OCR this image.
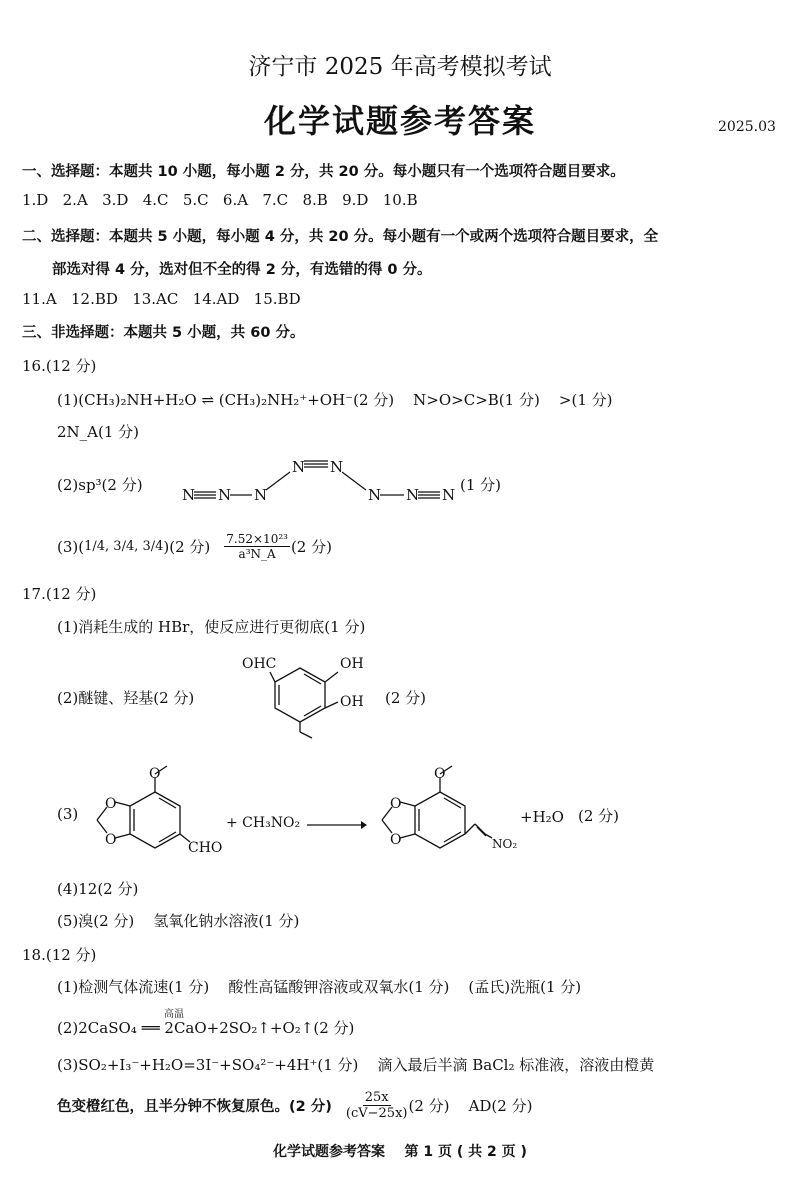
济宁市 2025 年高考模拟考试
化学试题参考答案	2025.03
一、选择题：本题共 10 小题，每小题 2 分，共 20 分。每小题只有一个选项符合题目要求。
1.D   2.A   3.D   4.C   5.C   6.A   7.C   8.B   9.D   10.B
二、选择题：本题共 5 小题，每小题 4 分，共 20 分。每小题有一个或两个选项符合题目要求，全
部选对得 4 分，选对但不全的得 2 分，有选错的得 0 分。
11.A   12.BD   13.AC   14.AD   15.BD
三、非选择题：本题共 5 小题，共 60 分。
16.(12 分)
(1)(CH₃)₂NH+H₂O ⇌ (CH₃)₂NH₂⁺+OH⁻(2 分)    N>O>C>B(1 分)    >(1 分)
2N_A(1 分)
(2)sp³(2 分)
N N N
N N
N N N
(1 分)
(3)( 1/4, 3/4, 3/4 )(2 分) $\frac{\text{7.52×10²³}}{\text{a³N\_A}} (2$ 分)
17.(12 分)
(1)消耗生成的 HBr，使反应进行更彻底(1 分)
(2)醚键、羟基(2 分)
OHC	OH
OH (2 分)
(3)
O
O
O
CHO
+ CH₃NO₂ →
O
O
O
NO₂
+H₂O (2 分)
(4)12(2 分)
(5)溴(2 分)    氢氧化钠水溶液(1 分)
18.(12 分)
(1)检测气体流速(1 分)    酸性高锰酸钾溶液或双氧水(1 分)    (孟氏)洗瓶(1 分)
高温
(2)2CaSO₄ ══ 2CaO+2SO₂↑+O₂↑(2 分)
(3)SO₂+I₃⁻+H₂O=3I⁻+SO₄²⁻+4H⁺(1 分)    滴入最后半滴 BaCl₂ 标准液，溶液由橙黄
色变橙红色，且半分钟不恢复原色。(2 分) $\frac{25x}{(cV-25x)} (2$ 分)    AD(2 分)
化学试题参考答案    第 1 页 ( 共 2 页 )
